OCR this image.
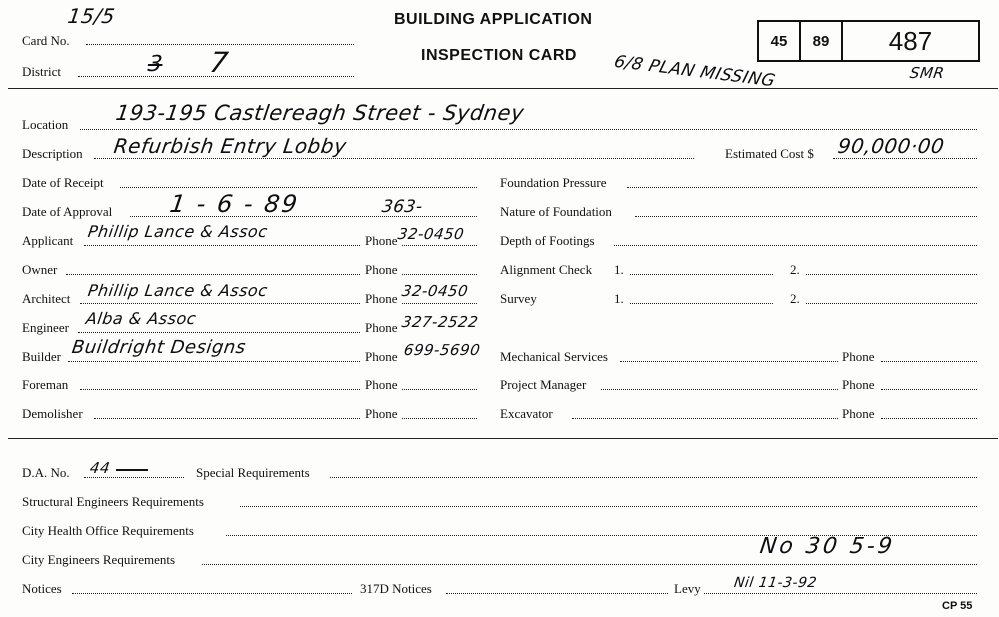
Card No.
15/5
District	3 7
BUILDING APPLICATION
INSPECTION CARD 6/8 PLAN MISSING
45	89	487
SMR
Location 193-195 Castlereagh Street - Sydney
Description Refurbish Entry Lobby	Estimated Cost $ 90,000·00
Date of Receipt
Date of Approval 1 - 6 - 89	363-
Applicant Phillip Lance & Assoc	Phone 32-0450
Owner	Phone
Architect Phillip Lance & Assoc	Phone 32-0450
Engineer Alba & Assoc	Phone 327-2522
Builder Buildright Designs	Phone 699-5690
Foreman	Phone
Demolisher	Phone
Foundation Pressure
Nature of Foundation
Depth of Footings
Alignment Check 1.	2.
Survey	1.	2.
Mechanical Services	Phone
Project Manager	Phone
Excavator	Phone
D.A. No. 44	Special Requirements
Structural Engineers Requirements
City Health Office Requirements
City Engineers Requirements
No 30 5-9
Notices	317D Notices	Levy Nil 11-3-92
CP 55
